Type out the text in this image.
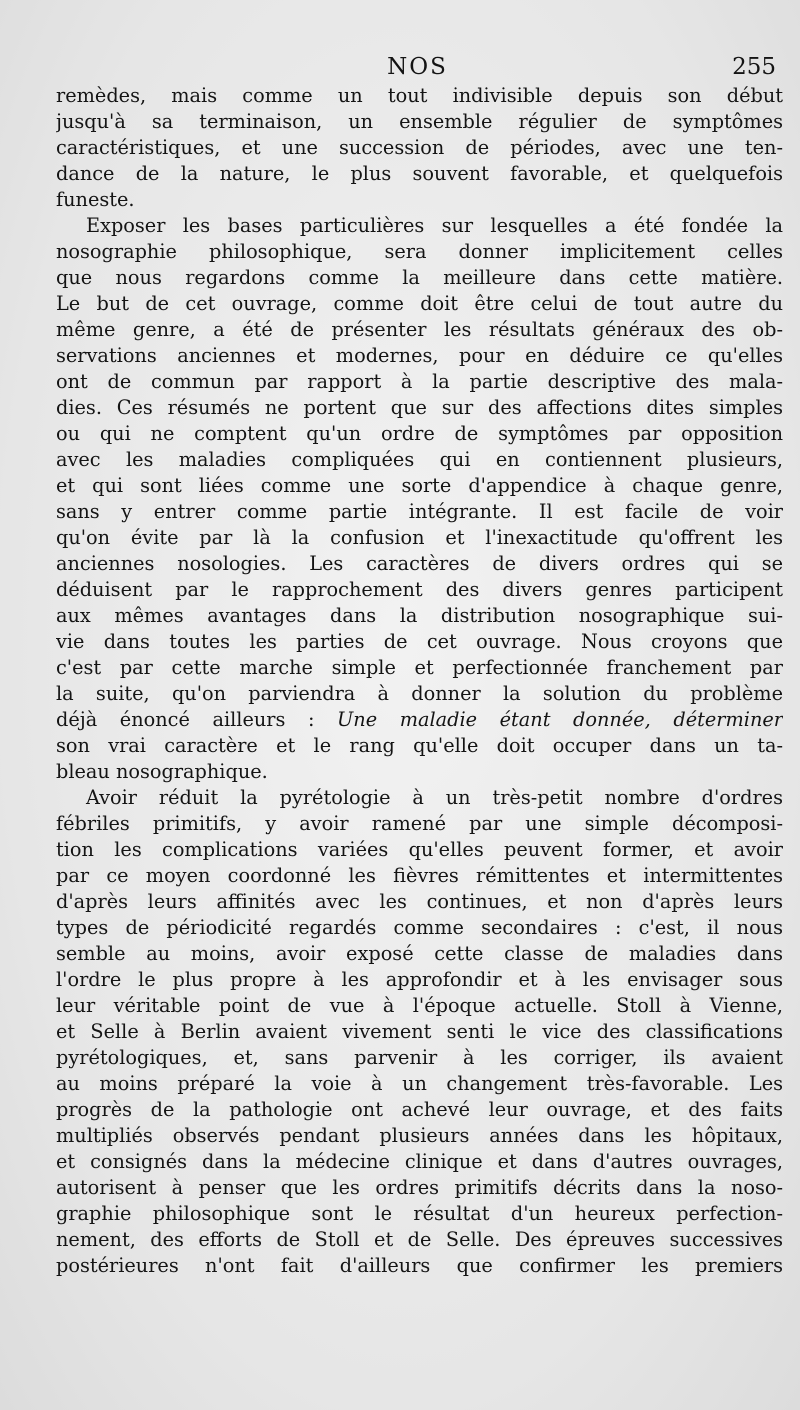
NOS	255
remèdes, mais comme un tout indivisible depuis son début
jusqu'à sa terminaison, un ensemble régulier de symptômes
caractéristiques, et une succession de périodes, avec une ten-
dance de la nature, le plus souvent favorable, et quelquefois
funeste.
Exposer les bases particulières sur lesquelles a été fondée la
nosographie philosophique, sera donner implicitement celles
que nous regardons comme la meilleure dans cette matière.
Le but de cet ouvrage, comme doit être celui de tout autre du
même genre, a été de présenter les résultats généraux des ob-
servations anciennes et modernes, pour en déduire ce qu'elles
ont de commun par rapport à la partie descriptive des mala-
dies. Ces résumés ne portent que sur des affections dites simples
ou qui ne comptent qu'un ordre de symptômes par opposition
avec les maladies compliquées qui en contiennent plusieurs,
et qui sont liées comme une sorte d'appendice à chaque genre,
sans y entrer comme partie intégrante. Il est facile de voir
qu'on évite par là la confusion et l'inexactitude qu'offrent les
anciennes nosologies. Les caractères de divers ordres qui se
déduisent par le rapprochement des divers genres participent
aux mêmes avantages dans la distribution nosographique sui-
vie dans toutes les parties de cet ouvrage. Nous croyons que
c'est par cette marche simple et perfectionnée franchement par
la suite, qu'on parviendra à donner la solution du problème
déjà énoncé ailleurs : Une maladie étant donnée, déterminer
son vrai caractère et le rang qu'elle doit occuper dans un ta-
bleau nosographique.
Avoir réduit la pyrétologie à un très-petit nombre d'ordres
fébriles primitifs, y avoir ramené par une simple décomposi-
tion les complications variées qu'elles peuvent former, et avoir
par ce moyen coordonné les fièvres rémittentes et intermittentes
d'après leurs affinités avec les continues, et non d'après leurs
types de périodicité regardés comme secondaires : c'est, il nous
semble au moins, avoir exposé cette classe de maladies dans
l'ordre le plus propre à les approfondir et à les envisager sous
leur véritable point de vue à l'époque actuelle. Stoll à Vienne,
et Selle à Berlin avaient vivement senti le vice des classifications
pyrétologiques, et, sans parvenir à les corriger, ils avaient
au moins préparé la voie à un changement très-favorable. Les
progrès de la pathologie ont achevé leur ouvrage, et des faits
multipliés observés pendant plusieurs années dans les hôpitaux,
et consignés dans la médecine clinique et dans d'autres ouvrages,
autorisent à penser que les ordres primitifs décrits dans la noso-
graphie philosophique sont le résultat d'un heureux perfection-
nement, des efforts de Stoll et de Selle. Des épreuves successives
postérieures n'ont fait d'ailleurs que confirmer les premiers
